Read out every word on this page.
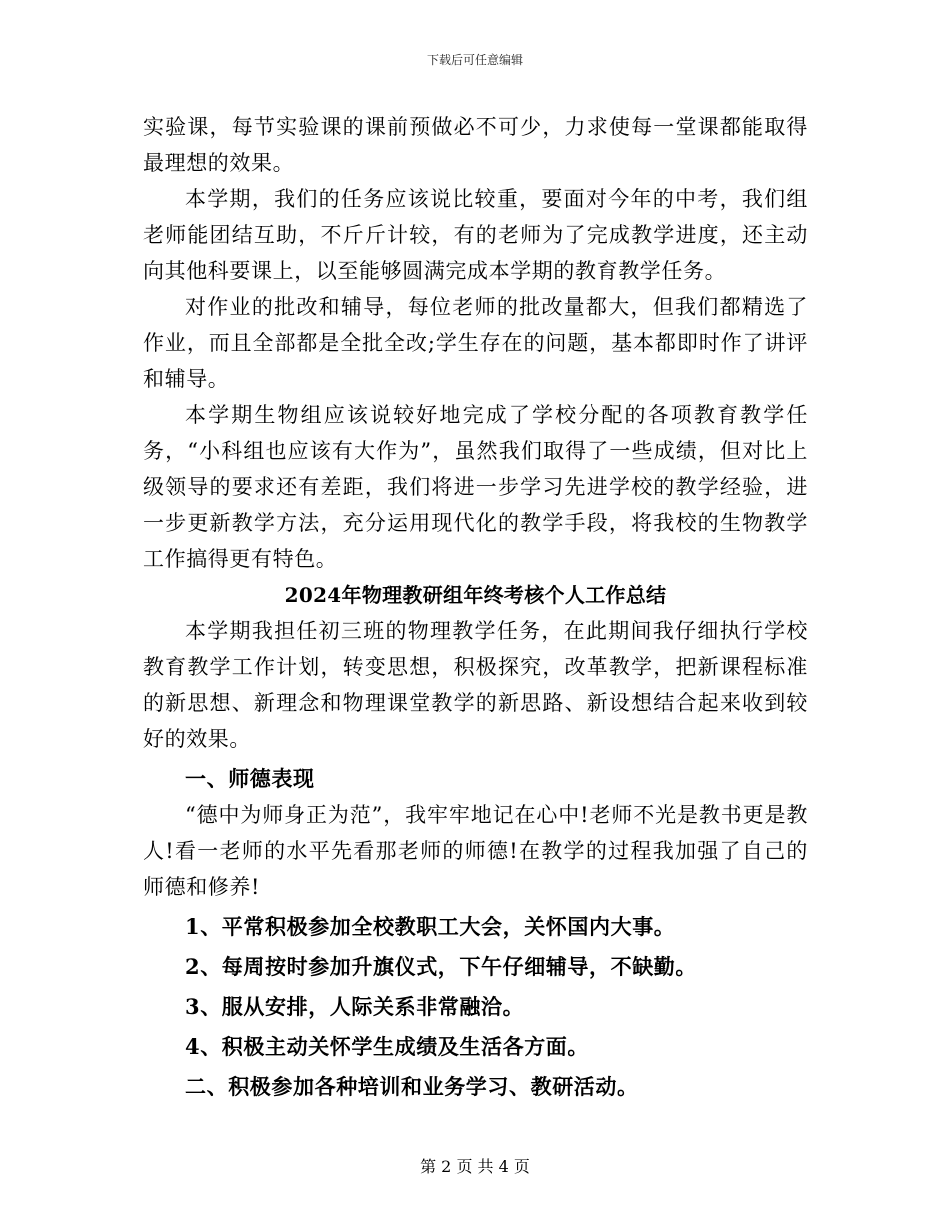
下载后可任意编辑

实验课，每节实验课的课前预做必不可少，力求使每一堂课都能取得最理想的效果。

本学期，我们的任务应该说比较重，要面对今年的中考，我们组老师能团结互助，不斤斤计较，有的老师为了完成教学进度，还主动向其他科要课上，以至能够圆满完成本学期的教育教学任务。

对作业的批改和辅导，每位老师的批改量都大，但我们都精选了作业，而且全部都是全批全改;学生存在的问题，基本都即时作了讲评和辅导。

本学期生物组应该说较好地完成了学校分配的各项教育教学任务，“小科组也应该有大作为”，虽然我们取得了一些成绩，但对比上级领导的要求还有差距，我们将进一步学习先进学校的教学经验，进一步更新教学方法，充分运用现代化的教学手段，将我校的生物教学工作搞得更有特色。

2024年物理教研组年终考核个人工作总结

本学期我担任初三班的物理教学任务，在此期间我仔细执行学校教育教学工作计划，转变思想，积极探究，改革教学，把新课程标准的新思想、新理念和物理课堂教学的新思路、新设想结合起来收到较好的效果。

一、师德表现

“德中为师身正为范”，我牢牢地记在心中!老师不光是教书更是教人!看一老师的水平先看那老师的师德!在教学的过程我加强了自己的师德和修养!

1、平常积极参加全校教职工大会，关怀国内大事。

2、每周按时参加升旗仪式，下午仔细辅导，不缺勤。

3、服从安排，人际关系非常融洽。

4、积极主动关怀学生成绩及生活各方面。

二、积极参加各种培训和业务学习、教研活动。

第 2 页 共 4 页
